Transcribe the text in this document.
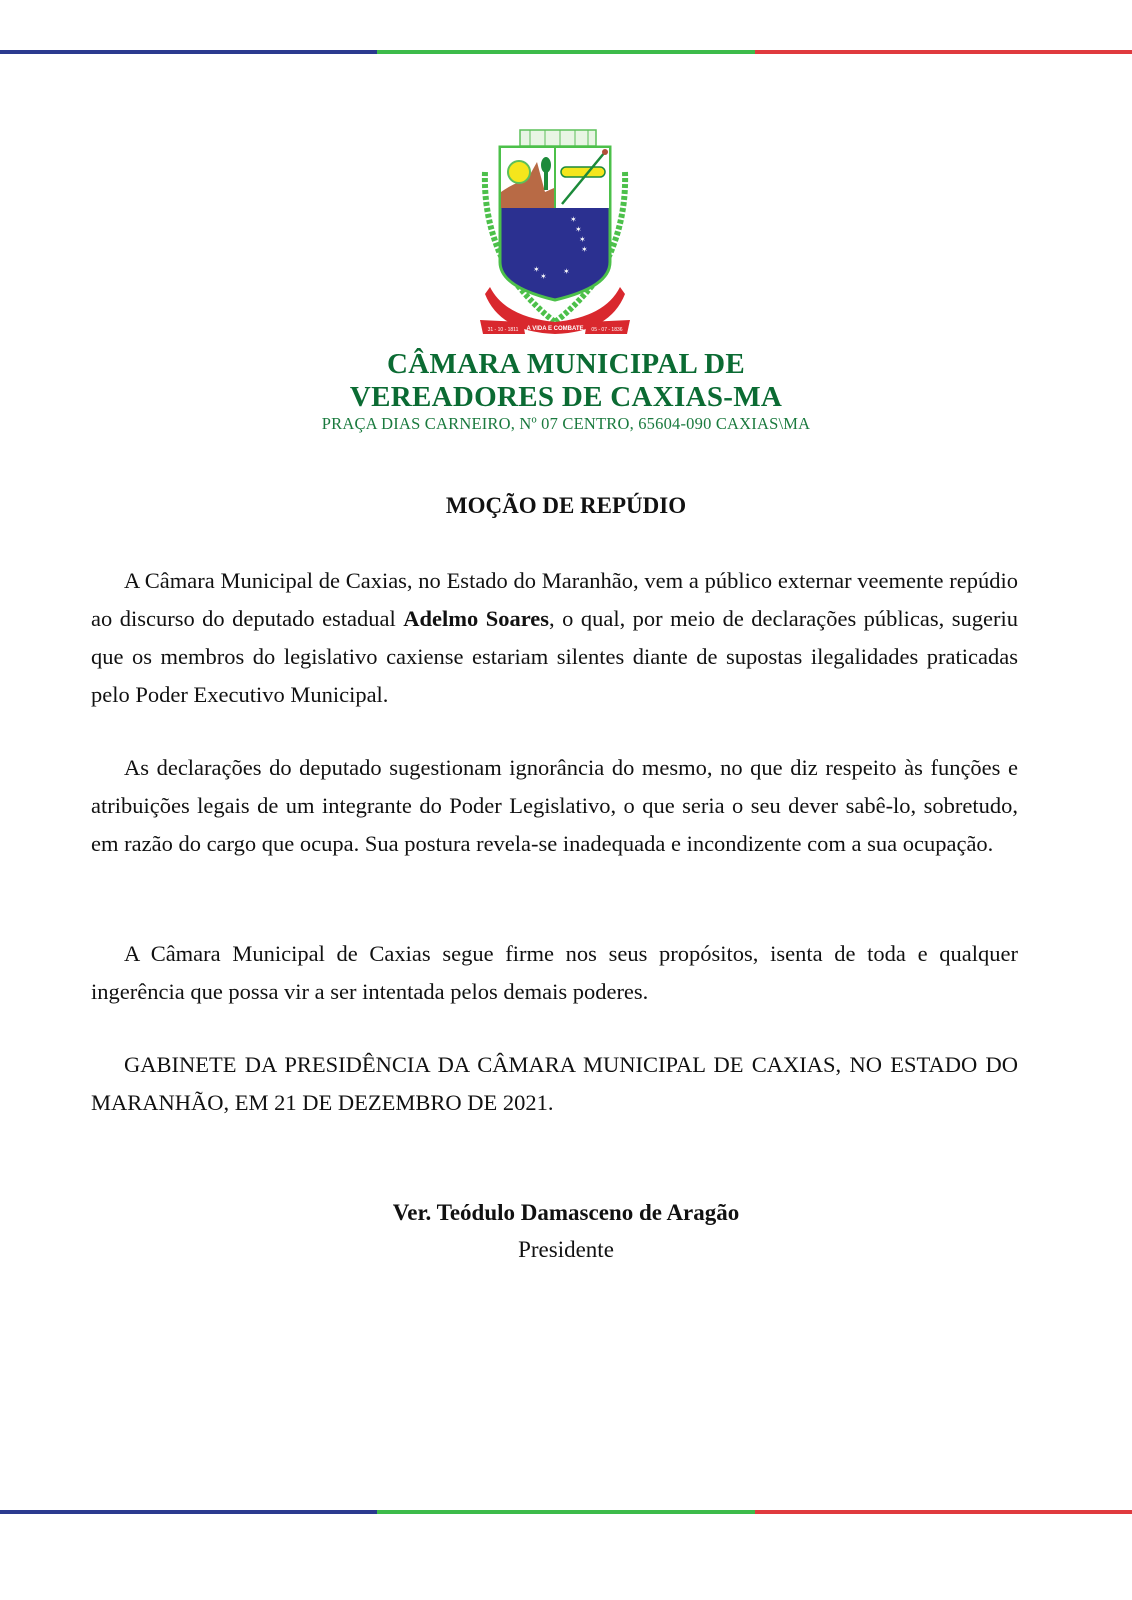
✶
✶
✶
✶
✶
✶
✶
A VIDA E COMBATE
31 - 10 - 1811	05 - 07 - 1836
CÂMARA MUNICIPAL DE
VEREADORES DE CAXIAS-MA
PRAÇA DIAS CARNEIRO, Nº 07 CENTRO, 65604-090 CAXIAS\MA
MOÇÃO DE REPÚDIO
A Câmara Municipal de Caxias, no Estado do Maranhão, vem a público externar veemente repúdio ao discurso do deputado estadual Adelmo Soares, o qual, por meio de declarações públicas, sugeriu que os membros do legislativo caxiense estariam silentes diante de supostas ilegalidades praticadas pelo Poder Executivo Municipal.
As declarações do deputado sugestionam ignorância do mesmo, no que diz respeito às funções e atribuições legais de um integrante do Poder Legislativo, o que seria o seu dever sabê-lo, sobretudo, em razão do cargo que ocupa. Sua postura revela-se inadequada e incondizente com a sua ocupação.
A Câmara Municipal de Caxias segue firme nos seus propósitos, isenta de toda e qualquer ingerência que possa vir a ser intentada pelos demais poderes.
GABINETE DA PRESIDÊNCIA DA CÂMARA MUNICIPAL DE CAXIAS, NO ESTADO DO MARANHÃO, EM 21 DE DEZEMBRO DE 2021.
Ver. Teódulo Damasceno de Aragão
Presidente
